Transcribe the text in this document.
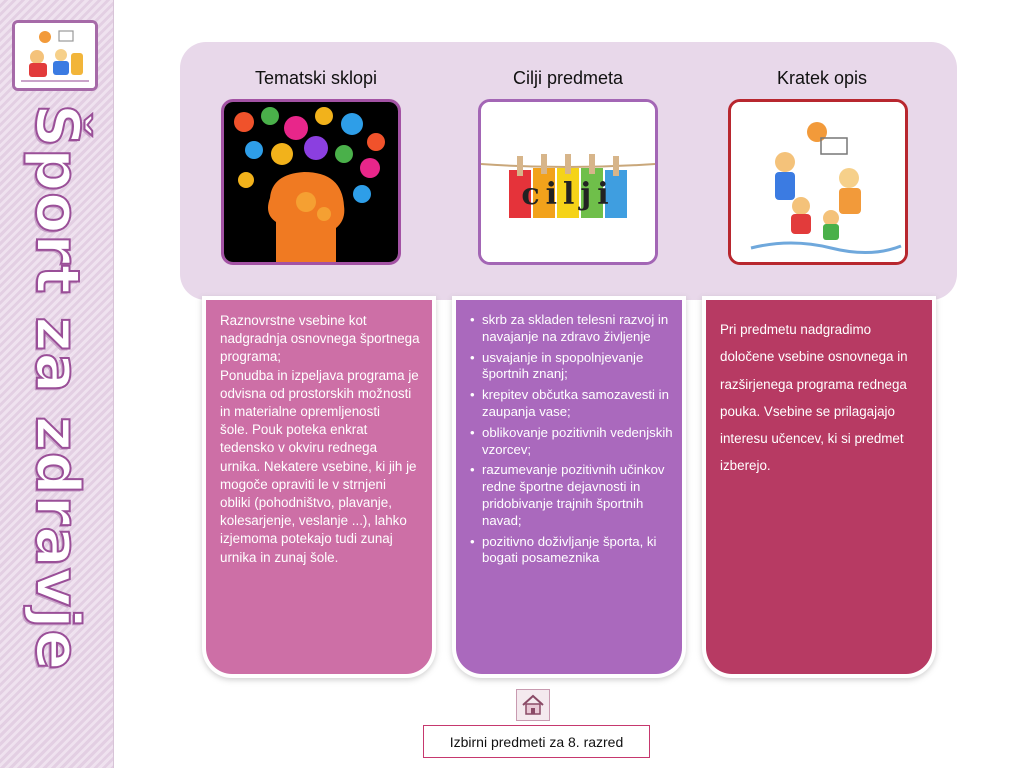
Šport za zdravje
Tematski sklopi	Cilji predmeta	Kratek opis
cilji
Raznovrstne vsebine kot nadgradnja osnovnega športnega programa;
Ponudba in izpeljava programa je odvisna od prostorskih možnosti in materialne opremljenosti
šole. Pouk poteka enkrat tedensko v okviru rednega urnika. Nekatere vsebine, ki jih je
mogoče opraviti le v strnjeni obliki (pohodništvo, plavanje, kolesarjenje, veslanje ...), lahko izjemoma potekajo tudi zunaj urnika in zunaj šole.
• skrb za skladen telesni razvoj in navajanje na zdravo življenje
• usvajanje in spopolnjevanje športnih znanj;
• krepitev občutka samozavesti in zaupanja vase;
• oblikovanje pozitivnih vedenjskih vzorcev;
• razumevanje pozitivnih učinkov redne športne dejavnosti in pridobivanje trajnih športnih navad;
• pozitivno doživljanje športa, ki bogati posameznika
Pri predmetu nadgradimo določene vsebine osnovnega in razširjenega programa rednega pouka. Vsebine se prilagajajo interesu učencev, ki si predmet izberejo.
Izbirni predmeti za 8. razred
